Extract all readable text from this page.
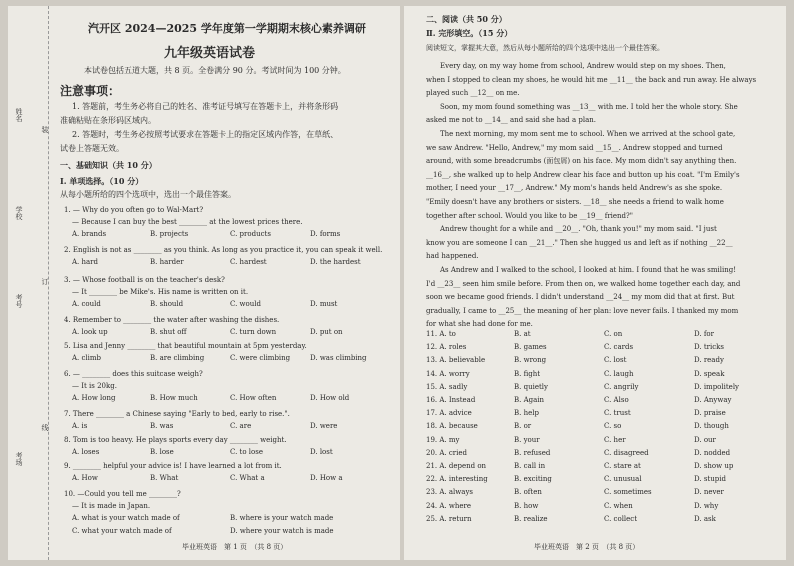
姓名
装
订
学校
考号
线
考场
汽开区 2024—2025 学年度第一学期期末核心素养调研
九年级英语试卷
本试卷包括五道大题，共 8 页。全卷满分 90 分。考试时间为 100 分钟。
注意事项：
1. 答题前，考生务必将自己的姓名、准考证号填写在答题卡上，并将条形码
准确粘贴在条形码区域内。
2. 答题时，考生务必按照考试要求在答题卡上的指定区域内作答，在草纸、
试卷上答题无效。
一、基础知识（共 10 分）
I. 单项选择。（10 分）
从每小题所给的四个选项中，选出一个最佳答案。
1. — Why do you often go to Wal-Mart?
— Because I can buy the best ________ at the lowest prices there.
A. brands	B. projects	C. products	D. forms
2. English is not as ________ as you think. As long as you practice it, you can speak it well.
A. hard	B. harder	C. hardest	D. the hardest
3. — Whose football is on the teacher's desk?
— It ________ be Mike's. His name is written on it.
A. could	B. should	C. would	D. must
4. Remember to ________ the water after washing the dishes.
A. look up	B. shut off	C. turn down	D. put on
5. Lisa and Jenny ________ that beautiful mountain at 5pm yesterday.
A. climb	B. are climbing	C. were climbing	D. was climbing
6. — ________ does this suitcase weigh?
— It is 20kg.
A. How long	B. How much	C. How often	D. How old
7. There ________ a Chinese saying "Early to bed, early to rise.".
A. is	B. was	C. are	D. were
8. Tom is too heavy. He plays sports every day ________ weight.
A. loses	B. lose	C. to lose	D. lost
9. ________ helpful your advice is! I have learned a lot from it.
A. How	B. What	C. What a	D. How a
10. —Could you tell me ________?
— It is made in Japan.
A. what is your watch made of	B. where is your watch made
C. what your watch made of	D. where your watch is made
毕业班英语　第 1 页　（共 8 页）
二、阅读（共 50 分）
Ⅱ. 完形填空。（15 分）
阅读短文，掌握其大意，然后从每小题所给的四个选项中选出一个最佳答案。
　　Every day, on my way home from school, Andrew would step on my shoes. Then,
when I stopped to clean my shoes, he would hit me __11__ the back and run away. He always
played such __12__ on me.
　　Soon, my mom found something was __13__ with me. I told her the whole story. She
asked me not to __14__ and said she had a plan.
　　The next morning, my mom sent me to school. When we arrived at the school gate,
we saw Andrew. "Hello, Andrew," my mom said __15__. Andrew stopped and turned
around, with some breadcrumbs (面包屑) on his face. My mom didn't say anything then.
__16__, she walked up to help Andrew clear his face and button up his coat. "I'm Emily's
mother, I need your __17__, Andrew." My mom's hands held Andrew's as she spoke.
"Emily doesn't have any brothers or sisters. __18__ she needs a friend to walk home
together after school. Would you like to be __19__ friend?"
　　Andrew thought for a while and __20__. "Oh, thank you!" my mom said. "I just
know you are someone I can __21__." Then she hugged us and left as if nothing __22__
had happened.
　　As Andrew and I walked to the school, I looked at him. I found that he was smiling!
I'd __23__ seen him smile before. From then on, we walked home together each day, and
soon we became good friends. I didn't understand __24__ my mom did that at first. But
gradually, I came to __25__ the meaning of her plan: love never fails. I thanked my mom
for what she had done for me.
11. A. to	B. at	C. on	D. for
12. A. roles	B. games	C. cards	D. tricks
13. A. believable	B. wrong	C. lost	D. ready
14. A. worry	B. fight	C. laugh	D. speak
15. A. sadly	B. quietly	C. angrily	D. impolitely
16. A. Instead	B. Again	C. Also	D. Anyway
17. A. advice	B. help	C. trust	D. praise
18. A. because	B. or	C. so	D. though
19. A. my	B. your	C. her	D. our
20. A. cried	B. refused	C. disagreed	D. nodded
21. A. depend on	B. call in	C. stare at	D. show up
22. A. interesting	B. exciting	C. unusual	D. stupid
23. A. always	B. often	C. sometimes	D. never
24. A. where	B. how	C. when	D. why
25. A. return	B. realize	C. collect	D. ask
毕业班英语　第 2 页　（共 8 页）
